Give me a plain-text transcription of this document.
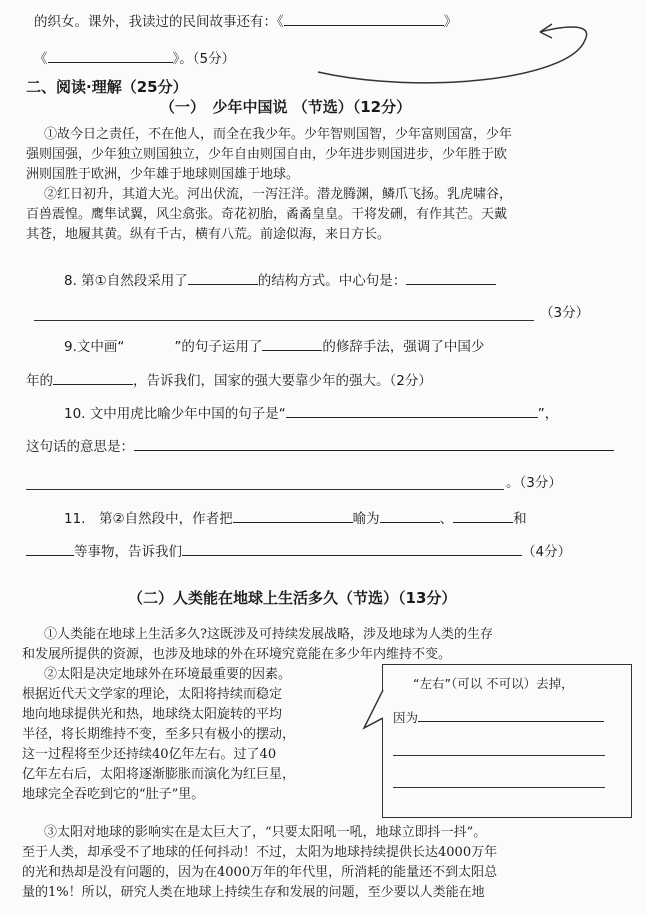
的织女。课外，我读过的民间故事还有：《	》
《	》。（5分）
二、阅读·理解（25分）
（一）　少年中国说 （节选）（12分）
①故今日之责任，不在他人，而全在我少年。少年智则国智，少年富则国富，少年
强则国强，少年独立则国独立，少年自由则国自由，少年进步则国进步，少年胜于欧
洲则国胜于欧洲，少年雄于地球则国雄于地球。
②红日初升，其道大光。河出伏流，一泻汪洋。潜龙腾渊，鳞爪飞扬。乳虎啸谷，
百兽震惶。鹰隼试翼，风尘翕张。奇花初胎，矞矞皇皇。干将发硎，有作其芒。天戴
其苍，地履其黄。纵有千古，横有八荒。前途似海，来日方长。
8. 第①自然段采用了	的结构方式。中心句是：
（3分）
9.文中画“	”的句子运用了	的修辞手法，强调了中国少
年的	，告诉我们，国家的强大要靠少年的强大。（2分）
10. 文中用虎比喻少年中国的句子是“	”，
这句话的意思是：
。（3分）
11.　第②自然段中，作者把	喻为	、	和
等事物，告诉我们	（4分）
（二）人类能在地球上生活多久（节选）（13分）
①人类能在地球上生活多久?这既涉及可持续发展战略，涉及地球为人类的生存
和发展所提供的资源，也涉及地球的外在环境究竟能在多少年内维持不变。
②太阳是决定地球外在环境最重要的因素。
根据近代天文学家的理论，太阳将持续而稳定
地向地球提供光和热，地球绕太阳旋转的平均
半径，将长期维持不变，至多只有极小的摆动，
这一过程将至少还持续40亿年左右。过了40
亿年左右后，太阳将逐渐膨胀而演化为红巨星，
地球完全吞吃到它的“肚子”里。
“左右”（可以 不可以）去掉，
因为
③太阳对地球的影响实在是太巨大了，“只要太阳吼一吼，地球立即抖一抖”。
至于人类，却承受不了地球的任何抖动！不过，太阳为地球持续提供长达4000万年
的光和热却是没有问题的，因为在4000万年的年代里，所消耗的能量还不到太阳总
量的1%！所以，研究人类在地球上持续生存和发展的问题，至少要以人类能在地
